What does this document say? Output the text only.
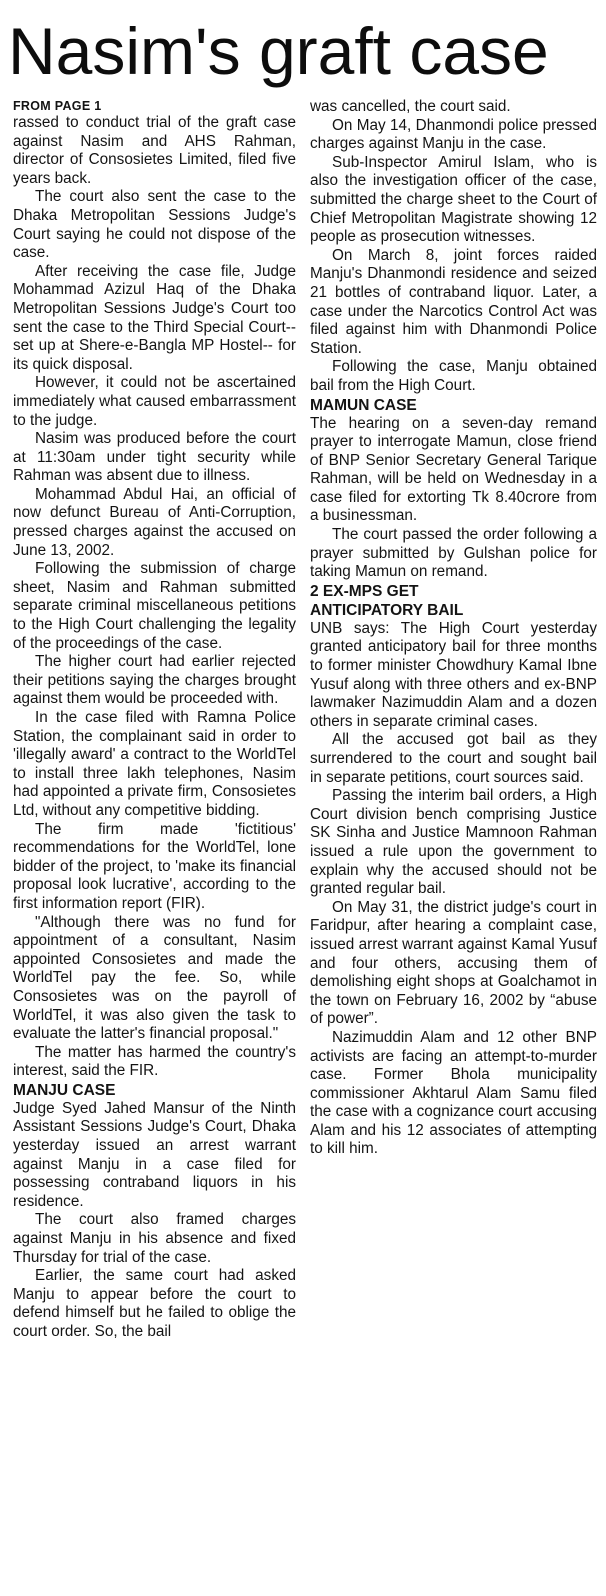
Nasim's graft case
FROM PAGE 1

rassed to conduct trial of the graft case against Nasim and AHS Rahman, director of Consosietes Limited, filed five years back.

The court also sent the case to the Dhaka Metropolitan Sessions Judge's Court saying he could not dispose of the case.

After receiving the case file, Judge Mohammad Azizul Haq of the Dhaka Metropolitan Sessions Judge's Court too sent the case to the Third Special Court-- set up at Shere-e-Bangla MP Hostel-- for its quick disposal.

However, it could not be ascertained immediately what caused embarrassment to the judge.

Nasim was produced before the court at 11:30am under tight security while Rahman was absent due to illness.

Mohammad Abdul Hai, an official of now defunct Bureau of Anti-Corruption, pressed charges against the accused on June 13, 2002.

Following the submission of charge sheet, Nasim and Rahman submitted separate criminal miscellaneous petitions to the High Court challenging the legality of the proceedings of the case.

The higher court had earlier rejected their petitions saying the charges brought against them would be proceeded with.

In the case filed with Ramna Police Station, the complainant said in order to 'illegally award' a contract to the WorldTel to install three lakh telephones, Nasim had appointed a private firm, Consosietes Ltd, without any competitive bidding.

The firm made 'fictitious' recommendations for the WorldTel, lone bidder of the project, to 'make its financial proposal look lucrative', according to the first information report (FIR).

"Although there was no fund for appointment of a consultant, Nasim appointed Consosietes and made the WorldTel pay the fee. So, while Consosietes was on the payroll of WorldTel, it was also given the task to evaluate the latter's financial proposal."

The matter has harmed the country's interest, said the FIR.

MANJU CASE

Judge Syed Jahed Mansur of the Ninth Assistant Sessions Judge's Court, Dhaka yesterday issued an arrest warrant against Manju in a case filed for possessing contraband liquors in his residence.

The court also framed charges against Manju in his absence and fixed Thursday for trial of the case.

Earlier, the same court had asked Manju to appear before the court to defend himself but he failed to oblige the court order. So, the bail

was cancelled, the court said.

On May 14, Dhanmondi police pressed charges against Manju in the case.

Sub-Inspector Amirul Islam, who is also the investigation officer of the case, submitted the charge sheet to the Court of Chief Metropolitan Magistrate showing 12 people as prosecution witnesses.

On March 8, joint forces raided Manju's Dhanmondi residence and seized 21 bottles of contraband liquor. Later, a case under the Narcotics Control Act was filed against him with Dhanmondi Police Station.

Following the case, Manju obtained bail from the High Court.

MAMUN CASE

The hearing on a seven-day remand prayer to interrogate Mamun, close friend of BNP Senior Secretary General Tarique Rahman, will be held on Wednesday in a case filed for extorting Tk 8.40crore from a businessman.

The court passed the order following a prayer submitted by Gulshan police for taking Mamun on remand.

2 EX-MPS GET
ANTICIPATORY BAIL

UNB says: The High Court yesterday granted anticipatory bail for three months to former minister Chowdhury Kamal Ibne Yusuf along with three others and ex-BNP lawmaker Nazimuddin Alam and a dozen others in separate criminal cases.

All the accused got bail as they surrendered to the court and sought bail in separate petitions, court sources said.

Passing the interim bail orders, a High Court division bench comprising Justice SK Sinha and Justice Mamnoon Rahman issued a rule upon the government to explain why the accused should not be granted regular bail.

On May 31, the district judge's court in Faridpur, after hearing a complaint case, issued arrest warrant against Kamal Yusuf and four others, accusing them of demolishing eight shops at Goalchamot in the town on February 16, 2002 by “abuse of power”.

Nazimuddin Alam and 12 other BNP activists are facing an attempt-to-murder case. Former Bhola municipality commissioner Akhtarul Alam Samu filed the case with a cognizance court accusing Alam and his 12 associates of attempting to kill him.
